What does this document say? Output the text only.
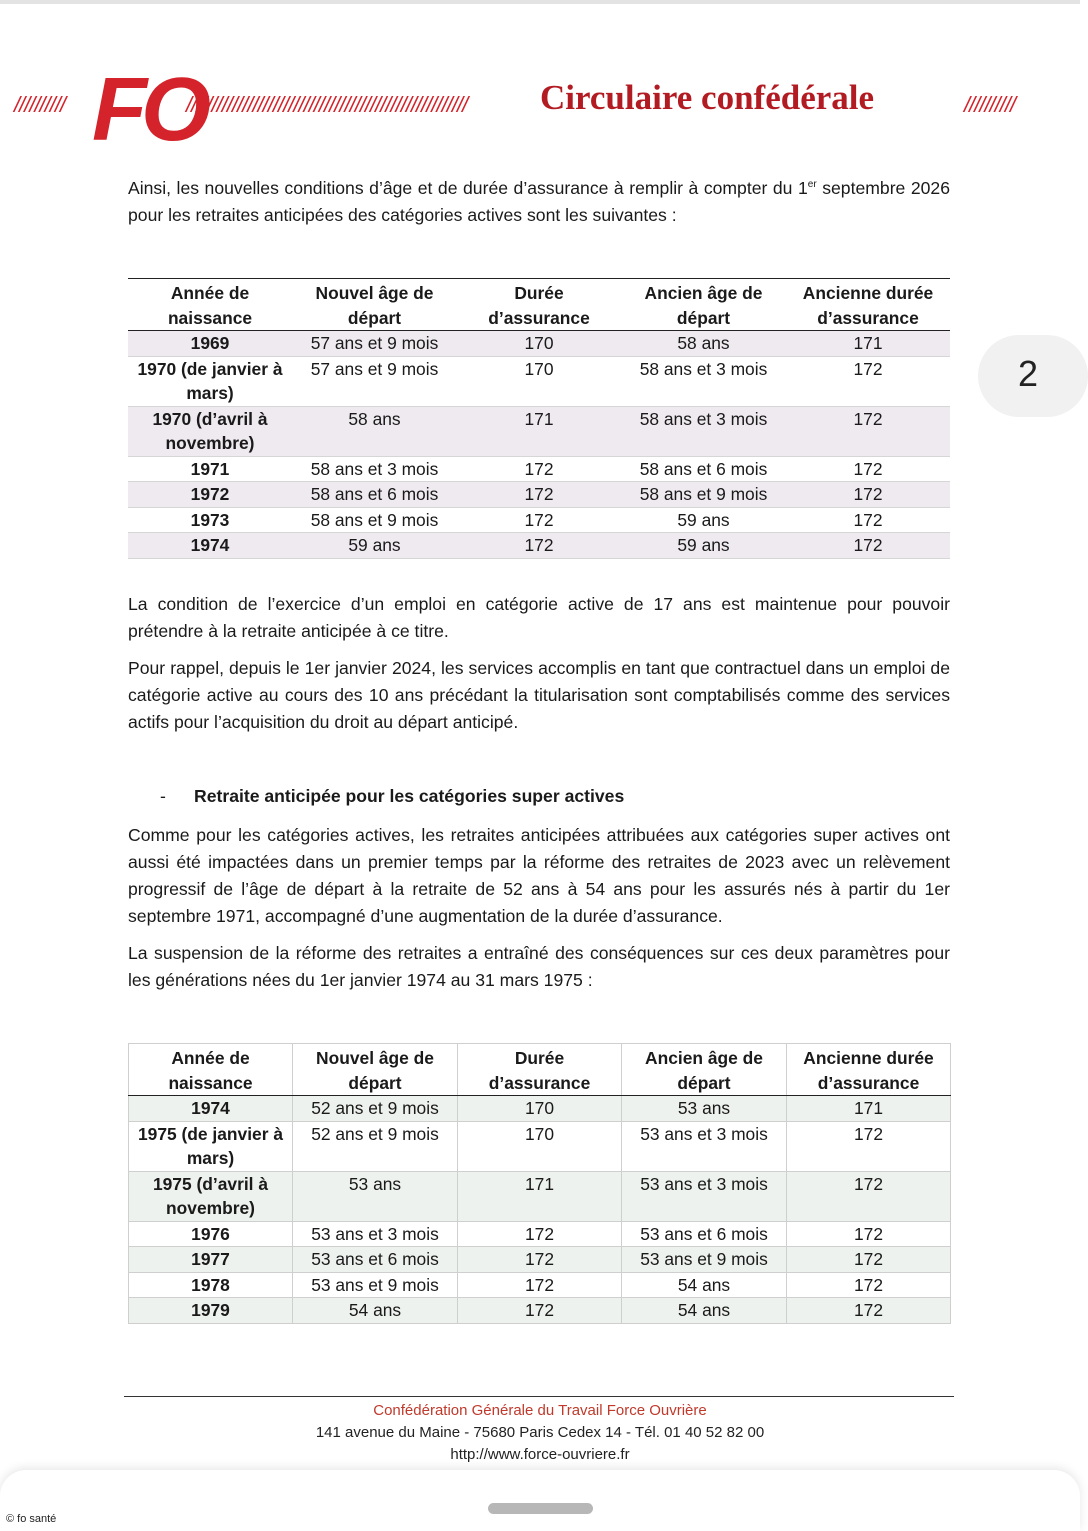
////////// FO
///////////////////////////////////////////////////////	Circulaire confédérale	//////////

Ainsi, les nouvelles conditions d’âge et de durée d’assurance à remplir à compter du 1er septembre 2026 pour les retraites anticipées des catégories actives sont les suivantes :

Année de naissance	Nouvel âge de départ	Durée d’assurance	Ancien âge de départ	Ancienne durée d’assurance
1969	57 ans et 9 mois	170	58 ans	171
1970 (de janvier à mars)	57 ans et 9 mois	170	58 ans et 3 mois	172
1970 (d’avril à novembre)	58 ans	171	58 ans et 3 mois	172
1971	58 ans et 3 mois	172	58 ans et 6 mois	172
1972	58 ans et 6 mois	172	58 ans et 9 mois	172
1973	58 ans et 9 mois	172	59 ans	172
1974	59 ans	172	59 ans	172
2

La condition de l’exercice d’un emploi en catégorie active de 17 ans est maintenue pour pouvoir prétendre à la retraite anticipée à ce titre.

Pour rappel, depuis le 1er janvier 2024, les services accomplis en tant que contractuel dans un emploi de catégorie active au cours des 10 ans précédant la titularisation sont comptabilisés comme des services actifs pour l’acquisition du droit au départ anticipé.

- Retraite anticipée pour les catégories super actives

Comme pour les catégories actives, les retraites anticipées attribuées aux catégories super actives ont aussi été impactées dans un premier temps par la réforme des retraites de 2023 avec un relèvement progressif de l’âge de départ à la retraite de 52 ans à 54 ans pour les assurés nés à partir du 1er septembre 1971, accompagné d’une augmentation de la durée d’assurance.

La suspension de la réforme des retraites a entraîné des conséquences sur ces deux paramètres pour les générations nées du 1er janvier 1974 au 31 mars 1975 :

Année de naissance	Nouvel âge de départ	Durée d’assurance	Ancien âge de départ	Ancienne durée d’assurance
1974	52 ans et 9 mois	170	53 ans	171
1975 (de janvier à mars)	52 ans et 9 mois	170	53 ans et 3 mois	172
1975 (d’avril à novembre)	53 ans	171	53 ans et 3 mois	172
1976	53 ans et 3 mois	172	53 ans et 6 mois	172
1977	53 ans et 6 mois	172	53 ans et 9 mois	172
1978	53 ans et 9 mois	172	54 ans	172
1979	54 ans	172	54 ans	172
Confédération Générale du Travail Force Ouvrière
141 avenue du Maine - 75680 Paris Cedex 14 - Tél. 01 40 52 82 00
http://www.force-ouvriere.fr
© fo santé
